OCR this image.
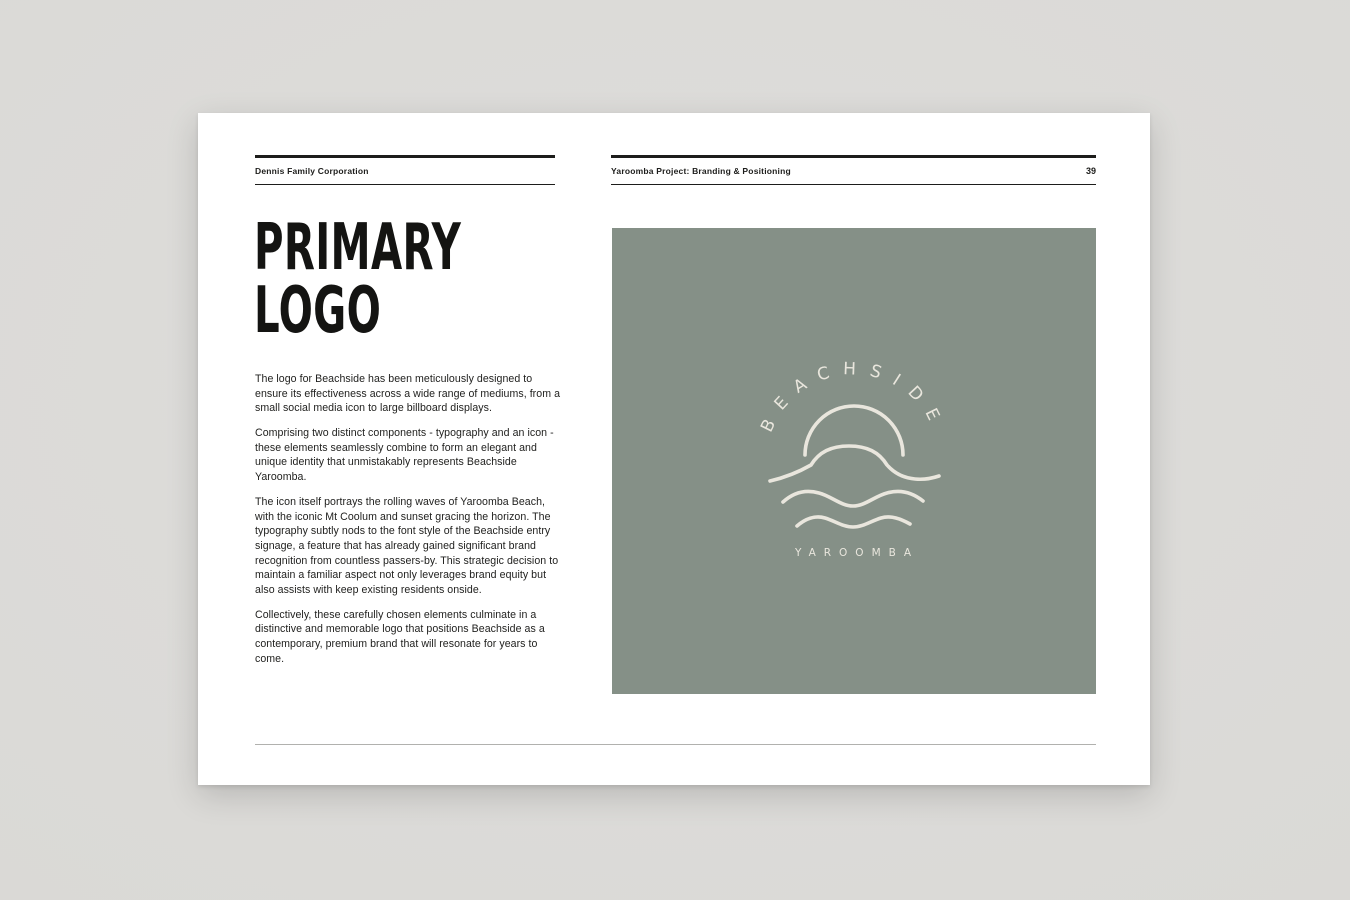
Dennis Family Corporation	Yaroomba Project: Branding & Positioning	39
PRIMARY
LOGO

The logo for Beachside has been meticulously designed to ensure its effectiveness across a wide range of mediums, from a small social media icon to large billboard displays.

Comprising two distinct components - typography and an icon - these elements seamlessly combine to form an elegant and unique identity that unmistakably represents Beachside Yaroomba.

The icon itself portrays the rolling waves of Yaroomba Beach, with the iconic Mt Coolum and sunset gracing the horizon. The typography subtly nods to the font style of the Beachside entry signage, a feature that has already gained significant brand recognition from countless passers-by. This strategic decision to maintain a familiar aspect not only leverages brand equity but also assists with keep existing residents onside.

Collectively, these carefully chosen elements culminate in a distinctive and memorable logo that positions Beachside as a contemporary, premium brand that will resonate for years to come.

BEACHSIDE
YAROOMBA
